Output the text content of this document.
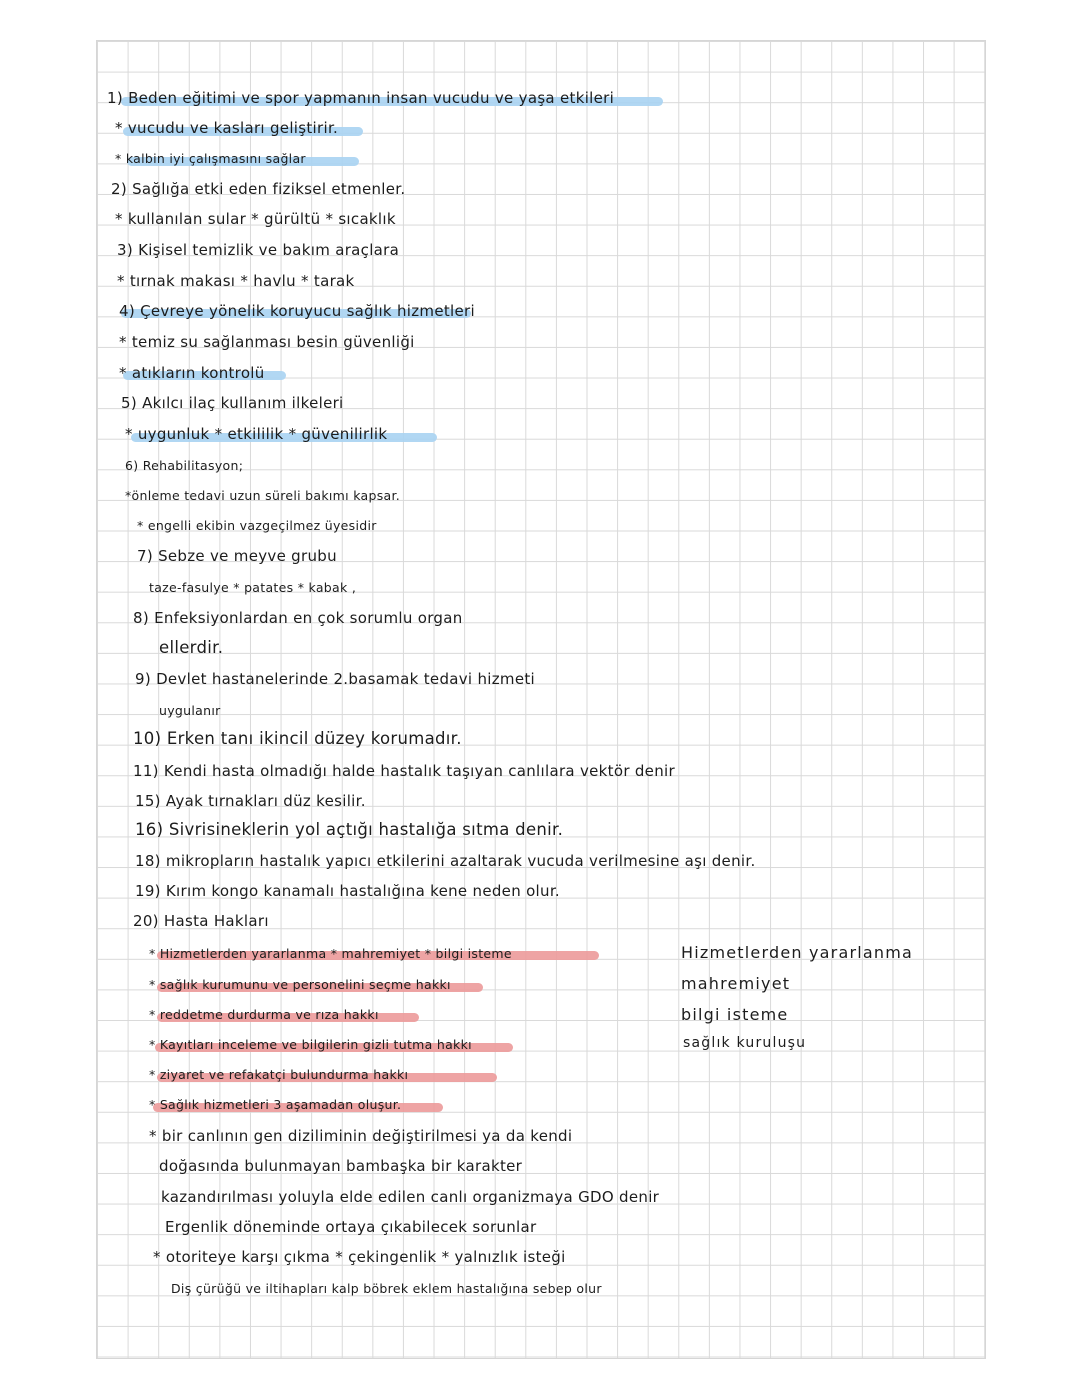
1) Beden eğitimi ve spor yapmanın insan vucudu ve yaşa etkileri
* vucudu ve kasları geliştirir.
* kalbin iyi çalışmasını sağlar
2) Sağlığa etki eden fiziksel etmenler.
* kullanılan sular * gürültü * sıcaklık
3) Kişisel temizlik ve bakım araçlara
* tırnak makası * havlu * tarak
4) Çevreye yönelik koruyucu sağlık hizmetleri
* temiz su sağlanması besin güvenliği
* atıkların kontrolü
5) Akılcı ilaç kullanım ilkeleri
* uygunluk * etkililik * güvenilirlik
6) Rehabilitasyon;
*önleme tedavi uzun süreli bakımı kapsar.
* engelli ekibin vazgeçilmez üyesidir
7) Sebze ve meyve grubu
taze-fasulye * patates * kabak ,
8) Enfeksiyonlardan en çok sorumlu organ
ellerdir.
9) Devlet hastanelerinde 2.basamak tedavi hizmeti
uygulanır
10) Erken tanı ikincil düzey korumadır.
11) Kendi hasta olmadığı halde hastalık taşıyan canlılara vektör denir
15) Ayak tırnakları düz kesilir.
16) Sivrisineklerin yol açtığı hastalığa sıtma denir.
18) mikropların hastalık yapıcı etkilerini azaltarak vucuda verilmesine aşı denir.
19) Kırım kongo kanamalı hastalığına kene neden olur.
20) Hasta Hakları
* Hizmetlerden yararlanma * mahremiyet * bilgi isteme
* sağlık kurumunu ve personelini seçme hakkı
* reddetme durdurma ve rıza hakkı
* Kayıtları inceleme ve bilgilerin gizli tutma hakkı
* ziyaret ve refakatçi bulundurma hakkı
* Sağlık hizmetleri 3 aşamadan oluşur.
* bir canlının gen diziliminin değiştirilmesi ya da kendi
doğasında bulunmayan bambaşka bir karakter
kazandırılması yoluyla elde edilen canlı organizmaya GDO denir
Ergenlik döneminde ortaya çıkabilecek sorunlar
* otoriteye karşı çıkma * çekingenlik * yalnızlık isteği
Diş çürüğü ve iltihapları kalp böbrek eklem hastalığına sebep olur
Hizmetlerden yararlanma
mahremiyet
bilgi isteme
sağlık kuruluşu
